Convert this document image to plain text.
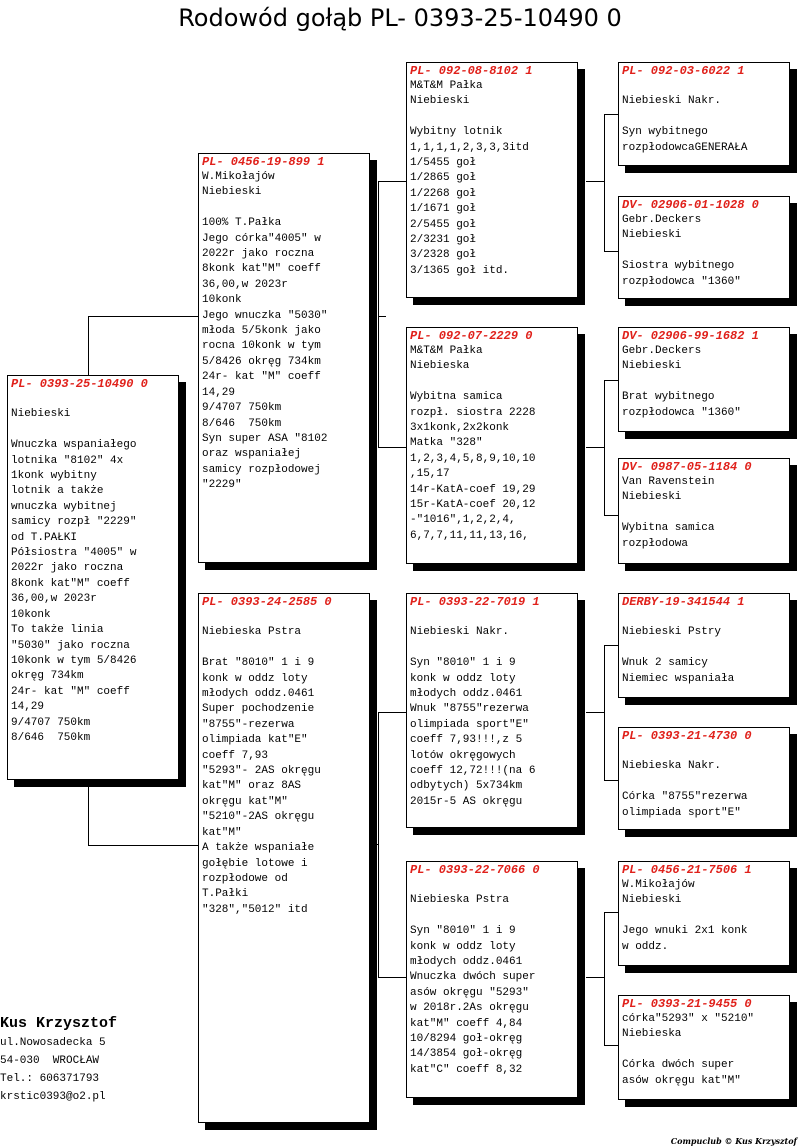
Rodowód gołąb PL- 0393-25-10490 0
PL- 0393-25-10490 0

Niebieski

Wnuczka wspaniałego
lotnika "8102" 4x
1konk wybitny
lotnik a także
wnuczka wybitnej
samicy rozpł "2229"
od T.PAŁKI
Półsiostra "4005" w
2022r jako roczna
8konk kat"M" coeff
36,00,w 2023r
10konk
To także linia
"5030" jako roczna
10konk w tym 5/8426
okręg 734km
24r- kat "M" coeff
14,29
9/4707 750km
8/646  750km
PL- 0456-19-899 1
W.Mikołajów
Niebieski

100% T.Pałka
Jego córka"4005" w
2022r jako roczna
8konk kat"M" coeff
36,00,w 2023r
10konk
Jego wnuczka "5030"
młoda 5/5konk jako
rocna 10konk w tym
5/8426 okręg 734km
24r- kat "M" coeff
14,29
9/4707 750km
8/646  750km
Syn super ASA "8102
oraz wspaniałej
samicy rozpłodowej
"2229"
PL- 0393-24-2585 0

Niebieska Pstra

Brat "8010" 1 i 9
konk w oddz loty
młodych oddz.0461
Super pochodzenie
"8755"-rezerwa
olimpiada kat"E"
coeff 7,93
"5293"- 2AS okręgu
kat"M" oraz 8AS
okręgu kat"M"
"5210"-2AS okręgu
kat"M"
A także wspaniałe
gołębie lotowe i
rozpłodowe od
T.Pałki
"328","5012" itd
PL- 092-08-8102 1
M&T&M Pałka
Niebieski

Wybitny lotnik
1,1,1,1,2,3,3,3itd
1/5455 goł
1/2865 goł
1/2268 goł
1/1671 goł
2/5455 goł
2/3231 goł
3/2328 goł
3/1365 goł itd.
PL- 092-07-2229 0
M&T&M Pałka
Niebieska

Wybitna samica
rozpł. siostra 2228
3x1konk,2x2konk
Matka "328"
1,2,3,4,5,8,9,10,10
,15,17
14r-KatA-coef 19,29
15r-KatA-coef 20,12
-"1016",1,2,2,4,
6,7,7,11,11,13,16,
PL- 0393-22-7019 1

Niebieski Nakr.

Syn "8010" 1 i 9
konk w oddz loty
młodych oddz.0461
Wnuk "8755"rezerwa
olimpiada sport"E"
coeff 7,93!!!,z 5
lotów okręgowych
coeff 12,72!!!(na 6
odbytych) 5x734km
2015r-5 AS okręgu
PL- 0393-22-7066 0

Niebieska Pstra

Syn "8010" 1 i 9
konk w oddz loty
młodych oddz.0461
Wnuczka dwóch super
asów okręgu "5293"
w 2018r.2As okręgu
kat"M" coeff 4,84
10/8294 goł-okręg
14/3854 goł-okręg
kat"C" coeff 8,32
PL- 092-03-6022 1

Niebieski Nakr.

Syn wybitnego
rozpłodowcaGENERAŁA
DV- 02906-01-1028 0
Gebr.Deckers
Niebieski

Siostra wybitnego
rozpłodowca "1360"
DV- 02906-99-1682 1
Gebr.Deckers
Niebieski

Brat wybitnego
rozpłodowca "1360"
DV- 0987-05-1184 0
Van Ravenstein
Niebieski

Wybitna samica
rozpłodowa
DERBY-19-341544 1

Niebieski Pstry

Wnuk 2 samicy
Niemiec wspaniała
PL- 0393-21-4730 0

Niebieska Nakr.

Córka "8755"rezerwa
olimpiada sport"E"
PL- 0456-21-7506 1
W.Mikołajów
Niebieski

Jego wnuki 2x1 konk
w oddz.
PL- 0393-21-9455 0
córka"5293" x "5210"
Niebieska

Córka dwóch super
asów okręgu kat"M"
Kus Krzysztof
ul.Nowosadecka 5
54-030  WROCŁAW
Tel.: 606371793
krstic0393@o2.pl
Compuclub © Kus Krzysztof
